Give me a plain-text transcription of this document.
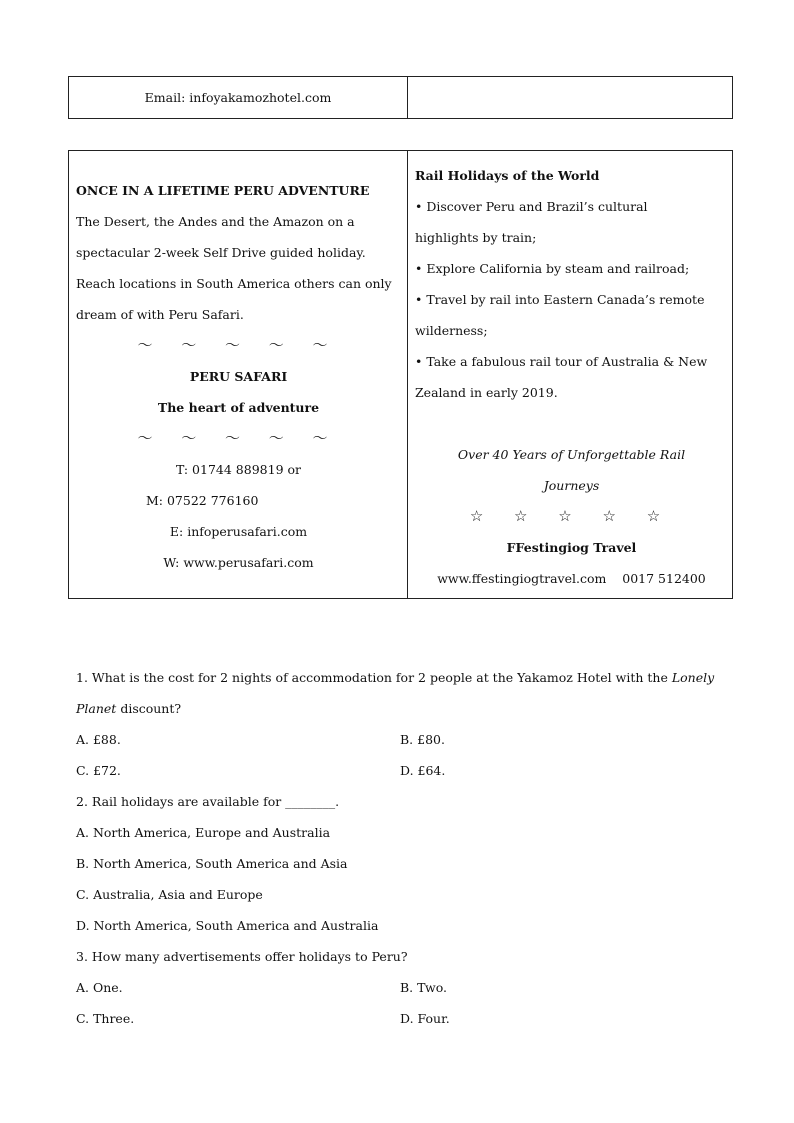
Email: infoyakamozhotel.com
ONCE IN A LIFETIME PERU ADVENTURE
The Desert, the Andes and the Amazon on a
spectacular 2-week Self Drive guided holiday.
Reach locations in South America others can only
dream of with Peru Safari.
～ ～ ～ ～ ～
PERU SAFARI
The heart of adventure
～ ～ ～ ～ ～
T: 01744 889819 or
M: 07522 776160
E: infoperusafari.com
W: www.perusafari.com
Rail Holidays of the World
• Discover Peru and Brazil’s cultural
highlights by train;
• Explore California by steam and railroad;
• Travel by rail into Eastern Canada’s remote
wilderness;
• Take a fabulous rail tour of Australia & New
Zealand in early 2019.
Over 40 Years of Unforgettable Rail
Journeys
☆ ☆ ☆ ☆ ☆
FFestingiog Travel
www.ffestingiogtravel.com    0017 512400
1. What is the cost for 2 nights of accommodation for 2 people at the Yakamoz Hotel with the Lonely
Planet discount?
A. £88.	B. £80.
C. £72.	D. £64.
2. Rail holidays are available for ________.
A. North America, Europe and Australia
B. North America, South America and Asia
C. Australia, Asia and Europe
D. North America, South America and Australia
3. How many advertisements offer holidays to Peru?
A. One.	B. Two.
C. Three.	D. Four.
